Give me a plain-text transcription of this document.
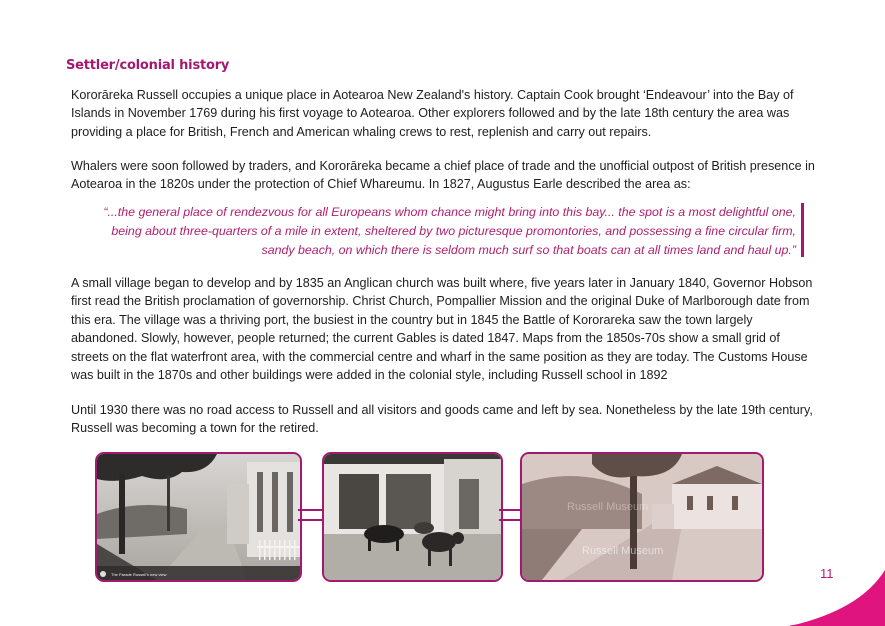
Settler/colonial history

Kororāreka Russell occupies a unique place in Aotearoa New Zealand's history. Captain Cook brought ‘Endeavour’ into the Bay of Islands in November 1769 during his first voyage to Aotearoa. Other explorers followed and by the late 18th century the area was providing a place for British, French and American whaling crews to rest, replenish and carry out repairs.

Whalers were soon followed by traders, and Kororāreka became a chief place of trade and the unofficial outpost of British presence in Aotearoa in the 1820s under the protection of Chief Whareumu. In 1827, Augustus Earle described the area as:

“...the general place of rendezvous for all Europeans whom chance might bring into this bay... the spot is a most delightful one, being about three-quarters of a mile in extent, sheltered by two picturesque promontories, and possessing a fine circular firm, sandy beach, on which there is seldom much surf so that boats can at all times land and haul up.”

A small village began to develop and by 1835 an Anglican church was built where, five years later in January 1840, Governor Hobson first read the British proclamation of governorship. Christ Church, Pompallier Mission and the original Duke of Marlborough date from this era. The village was a thriving port, the busiest in the country but in 1845 the Battle of Kororareka saw the town largely abandoned. Slowly, however, people returned; the current Gables is dated 1847. Maps from the 1850s-70s show a small grid of streets on the flat waterfront area, with the commercial centre and wharf in the same position as they are today. The Customs House was built in the 1870s and other buildings were added in the colonial style, including Russell school in 1892

Until 1930 there was no road access to Russell and all visitors and goods came and left by sea. Nonetheless by the late 19th century, Russell was becoming a town for the retired.

The Parade Russell's new view
Russell Museum
Russell Museum
11
